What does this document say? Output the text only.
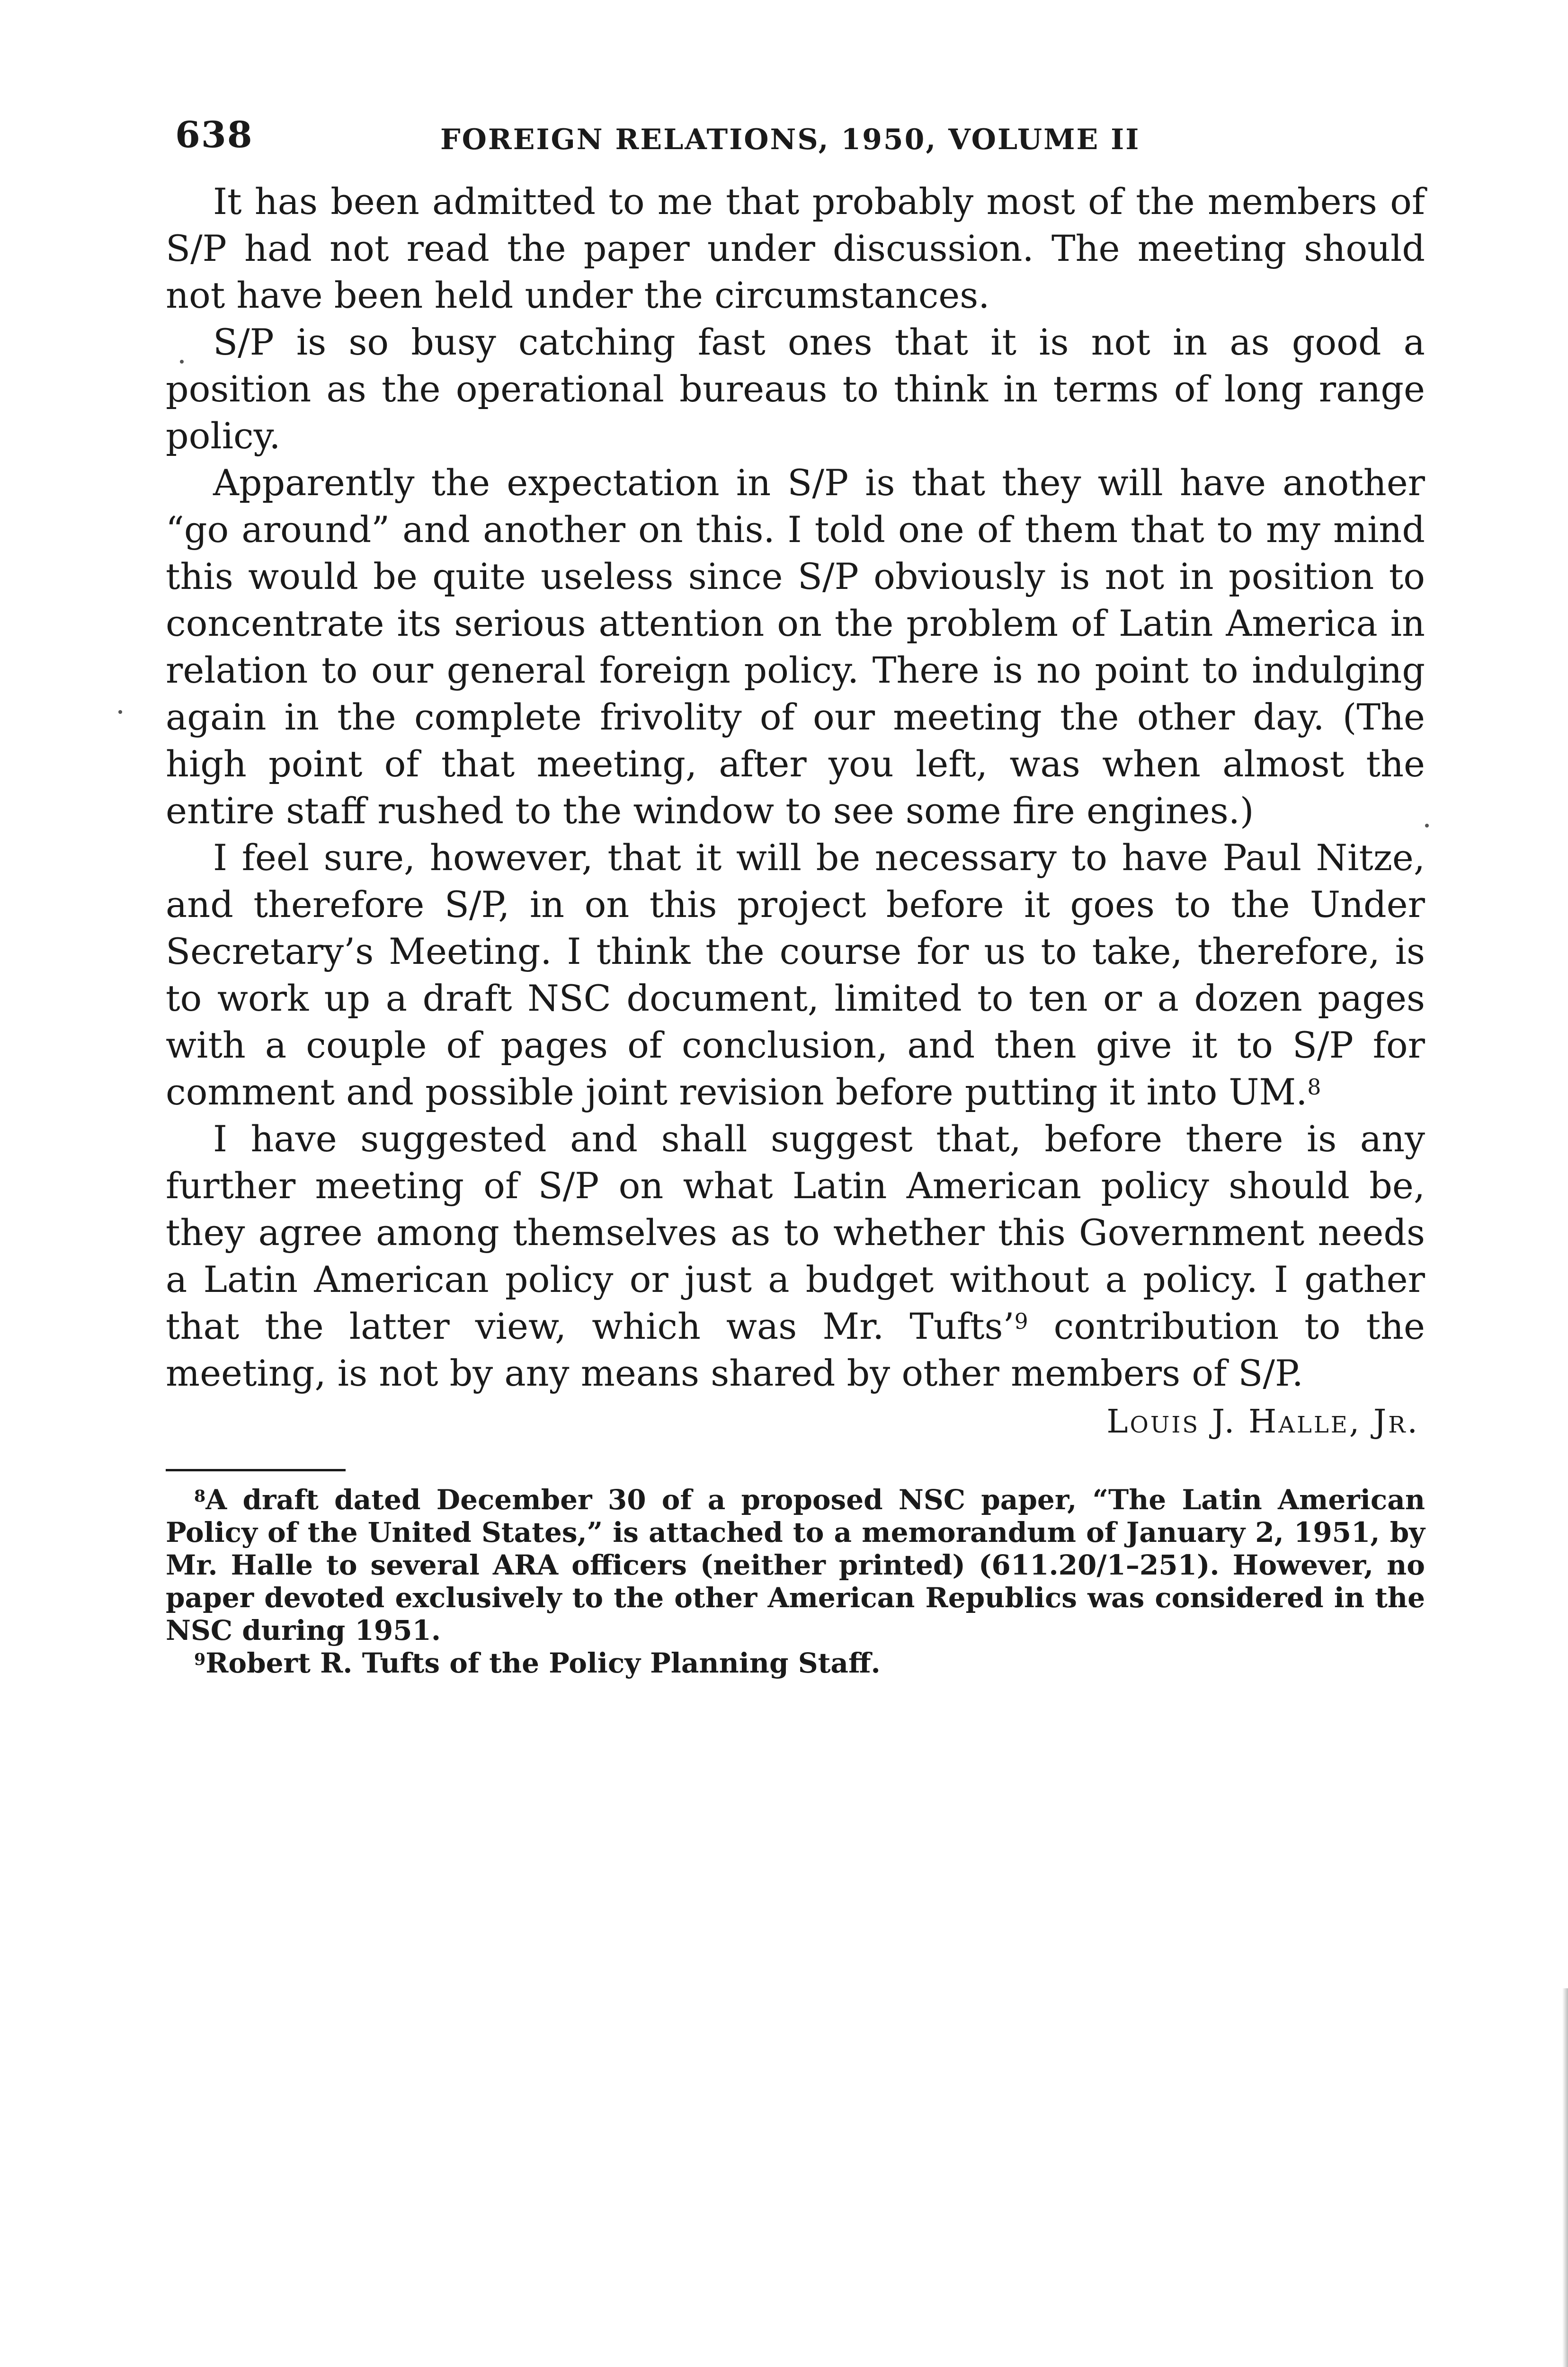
638	FOREIGN RELATIONS, 1950, VOLUME II

It has been admitted to me that probably most of the members of S/P had not read the paper under discussion. The meeting should not have been held under the circumstances.

S/P is so busy catching fast ones that it is not in as good a position as the operational bureaus to think in terms of long range policy.

Apparently the expectation in S/P is that they will have another “go around” and another on this. I told one of them that to my mind this would be quite useless since S/P obviously is not in position to concentrate its serious attention on the problem of Latin America in relation to our general foreign policy. There is no point to indulging again in the complete frivolity of our meeting the other day. (The high point of that meeting, after you left, was when almost the entire staff rushed to the window to see some fire engines.)

I feel sure, however, that it will be necessary to have Paul Nitze, and therefore S/P, in on this project before it goes to the Under Secretary’s Meeting. I think the course for us to take, therefore, is to work up a draft NSC document, limited to ten or a dozen pages with a couple of pages of conclusion, and then give it to S/P for comment and possible joint revision before putting it into UM.$^8$

I have suggested and shall suggest that, before there is any further meeting of S/P on what Latin American policy should be, they agree among themselves as to whether this Government needs a Latin American policy or just a budget without a policy. I gather that the latter view, which was Mr. Tufts’$^9$ contribution to the meeting, is not by any means shared by other members of S/P.

Louis J. Halle, Jr.

$^8$A draft dated December 30 of a proposed NSC paper, “The Latin American Policy of the United States,” is attached to a memorandum of January 2, 1951, by Mr. Halle to several ARA officers (neither printed) (611.20/1–251). However, no paper devoted exclusively to the other American Republics was considered in the NSC during 1951.

$^9$Robert R. Tufts of the Policy Planning Staff.
